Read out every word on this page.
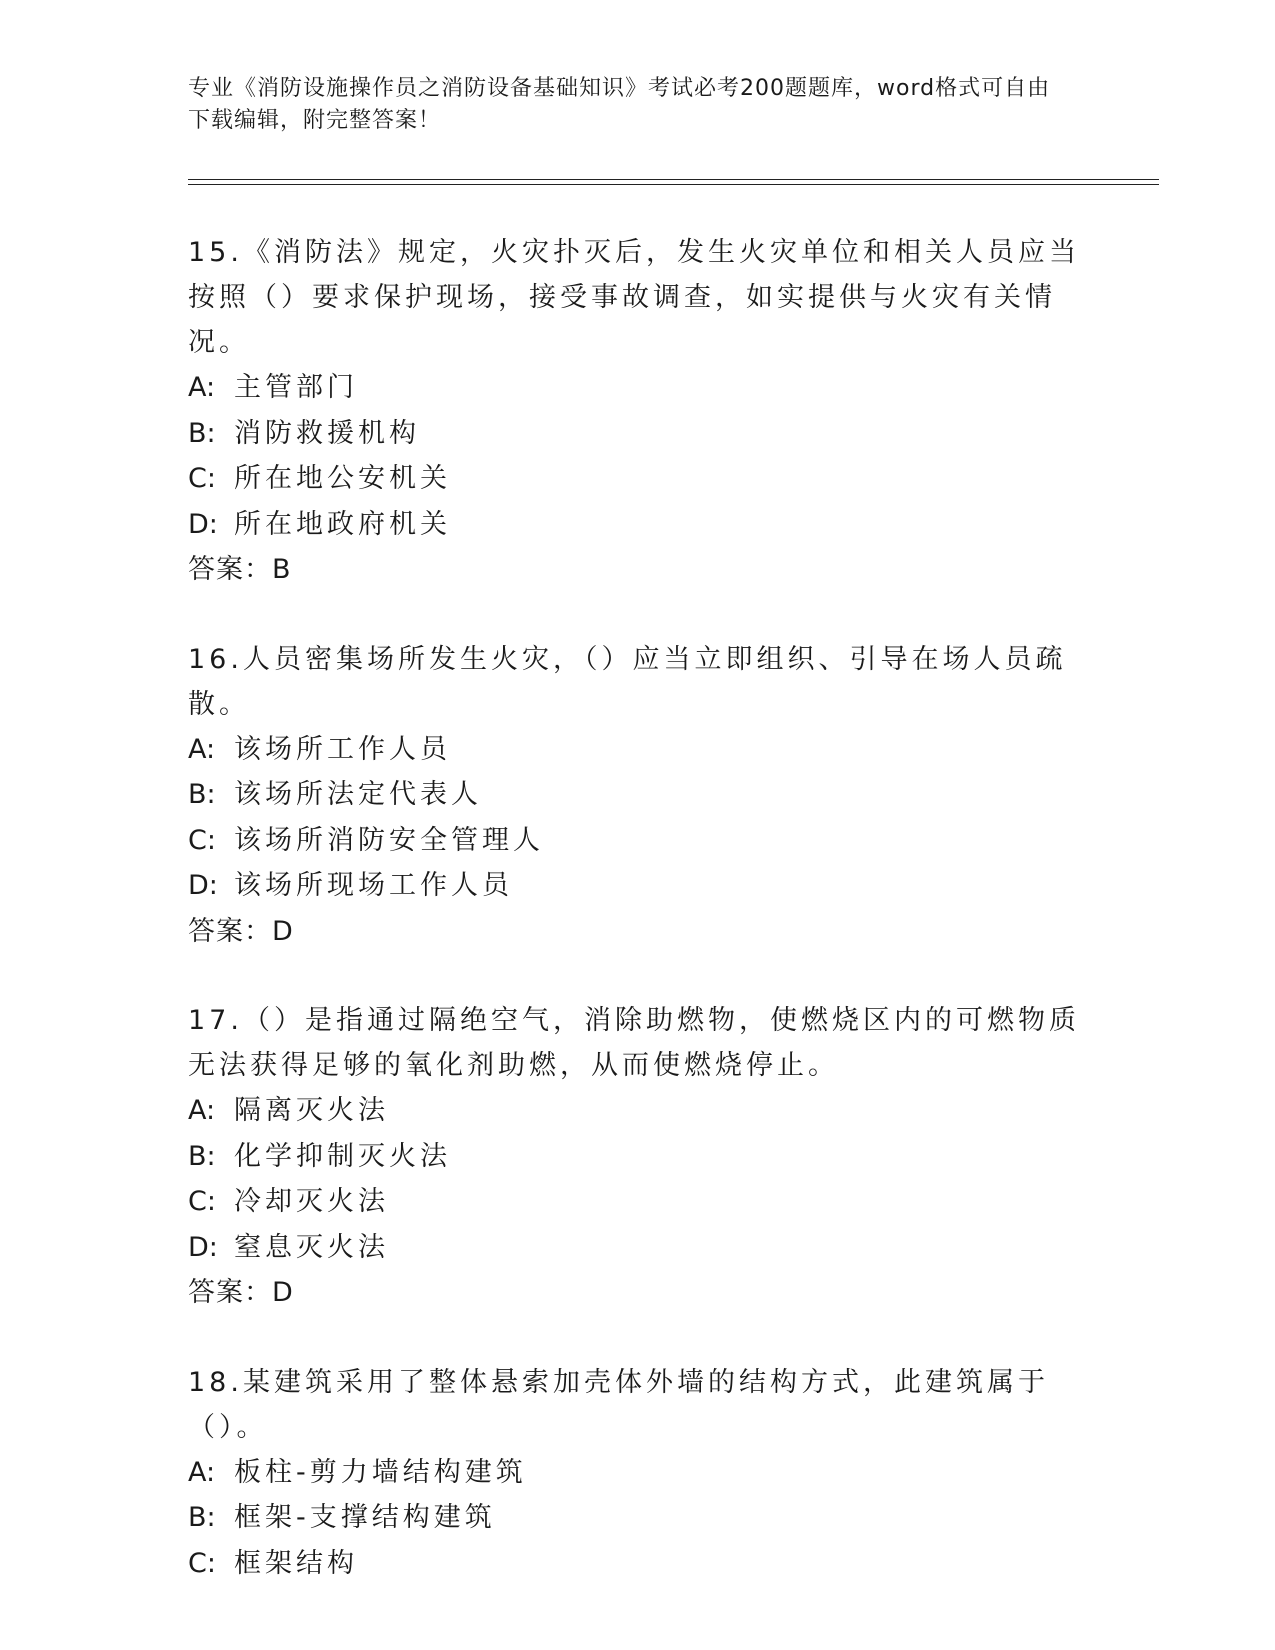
专业《消防设施操作员之消防设备基础知识》考试必考200题题库，word格式可自由下载编辑，附完整答案！

15.《消防法》规定，火灾扑灭后，发生火灾单位和相关人员应当按照（）要求保护现场，接受事故调查，如实提供与火灾有关情况。

A: 主管部门

B: 消防救援机构

C: 所在地公安机关

D: 所在地政府机关

答案：B

16.人员密集场所发生火灾，（）应当立即组织、引导在场人员疏散。

A: 该场所工作人员

B: 该场所法定代表人

C: 该场所消防安全管理人

D: 该场所现场工作人员

答案：D

17.（）是指通过隔绝空气，消除助燃物，使燃烧区内的可燃物质无法获得足够的氧化剂助燃，从而使燃烧停止。

A: 隔离灭火法

B: 化学抑制灭火法

C: 冷却灭火法

D: 窒息灭火法

答案：D

18.某建筑采用了整体悬索加壳体外墙的结构方式，此建筑属于（）。

A: 板柱-剪力墙结构建筑

B: 框架-支撑结构建筑

C: 框架结构
